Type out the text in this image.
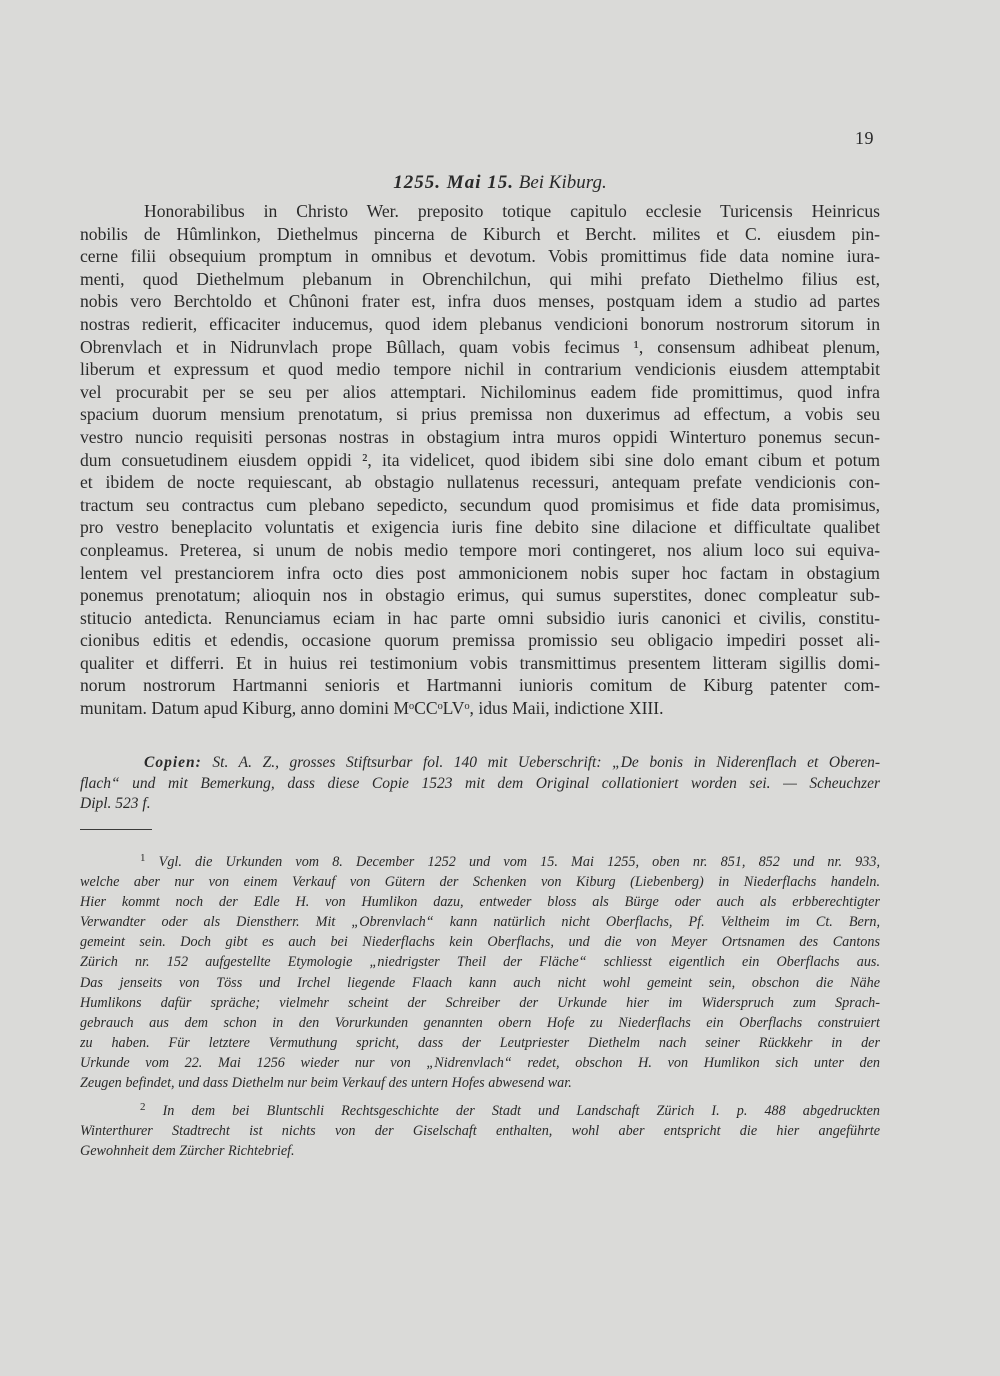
19
1255. Mai 15. Bei Kiburg.
Honorabilibus in Christo Wer. preposito totique capitulo ecclesie Turicensis Heinricus
nobilis de Hûmlinkon, Diethelmus pincerna de Kiburch et Bercht. milites et C. eiusdem pin-
cerne filii obsequium promptum in omnibus et devotum. Vobis promittimus fide data nomine iura-
menti, quod Diethelmum plebanum in Obrenchilchun, qui mihi prefato Diethelmo filius est,
nobis vero Berchtoldo et Chûnoni frater est, infra duos menses, postquam idem a studio ad partes
nostras redierit, efficaciter inducemus, quod idem plebanus vendicioni bonorum nostrorum sitorum in
Obrenvlach et in Nidrunvlach prope Bûllach, quam vobis fecimus ¹, consensum adhibeat plenum,
liberum et expressum et quod medio tempore nichil in contrarium vendicionis eiusdem attemptabit
vel procurabit per se seu per alios attemptari. Nichilominus eadem fide promittimus, quod infra
spacium duorum mensium prenotatum, si prius premissa non duxerimus ad effectum, a vobis seu
vestro nuncio requisiti personas nostras in obstagium intra muros oppidi Winterturo ponemus secun-
dum consuetudinem eiusdem oppidi ², ita videlicet, quod ibidem sibi sine dolo emant cibum et potum
et ibidem de nocte requiescant, ab obstagio nullatenus recessuri, antequam prefate vendicionis con-
tractum seu contractus cum plebano sepedicto, secundum quod promisimus et fide data promisimus,
pro vestro beneplacito voluntatis et exigencia iuris fine debito sine dilacione et difficultate qualibet
conpleamus. Preterea, si unum de nobis medio tempore mori contingeret, nos alium loco sui equiva-
lentem vel prestanciorem infra octo dies post ammonicionem nobis super hoc factam in obstagium
ponemus prenotatum; alioquin nos in obstagio erimus, qui sumus superstites, donec compleatur sub-
stitucio antedicta. Renunciamus eciam in hac parte omni subsidio iuris canonici et civilis, constitu-
cionibus editis et edendis, occasione quorum premissa promissio seu obligacio impediri posset ali-
qualiter et differri. Et in huius rei testimonium vobis transmittimus presentem litteram sigillis domi-
norum nostrorum Hartmanni senioris et Hartmanni iunioris comitum de Kiburg patenter com-
munitam. Datum apud Kiburg, anno domini MᵒCCᵒLVᵒ, idus Maii, indictione XIII.
Copien: St. A. Z., grosses Stiftsurbar fol. 140 mit Ueberschrift: „De bonis in Niderenflach et Oberen-
flach“ und mit Bemerkung, dass diese Copie 1523 mit dem Original collationiert worden sei. — Scheuchzer
Dipl. 523 f.
$^1$ Vgl. die Urkunden vom 8. December 1252 und vom 15. Mai 1255, oben nr. 851, 852 und nr. 933,
welche aber nur von einem Verkauf von Gütern der Schenken von Kiburg (Liebenberg) in Niederflachs handeln.
Hier kommt noch der Edle H. von Humlikon dazu, entweder bloss als Bürge oder auch als erbberechtigter
Verwandter oder als Dienstherr. Mit „Obrenvlach“ kann natürlich nicht Oberflachs, Pf. Veltheim im Ct. Bern,
gemeint sein. Doch gibt es auch bei Niederflachs kein Oberflachs, und die von Meyer Ortsnamen des Cantons
Zürich nr. 152 aufgestellte Etymologie „niedrigster Theil der Fläche“ schliesst eigentlich ein Oberflachs aus.
Das jenseits von Töss und Irchel liegende Flaach kann auch nicht wohl gemeint sein, obschon die Nähe
Humlikons dafür spräche; vielmehr scheint der Schreiber der Urkunde hier im Widerspruch zum Sprach-
gebrauch aus dem schon in den Vorurkunden genannten obern Hofe zu Niederflachs ein Oberflachs construiert
zu haben. Für letztere Vermuthung spricht, dass der Leutpriester Diethelm nach seiner Rückkehr in der
Urkunde vom 22. Mai 1256 wieder nur von „Nidrenvlach“ redet, obschon H. von Humlikon sich unter den
Zeugen befindet, und dass Diethelm nur beim Verkauf des untern Hofes abwesend war.
$^2$ In dem bei Bluntschli Rechtsgeschichte der Stadt und Landschaft Zürich I. p. 488 abgedruckten
Winterthurer Stadtrecht ist nichts von der Giselschaft enthalten, wohl aber entspricht die hier angeführte
Gewohnheit dem Zürcher Richtebrief.
